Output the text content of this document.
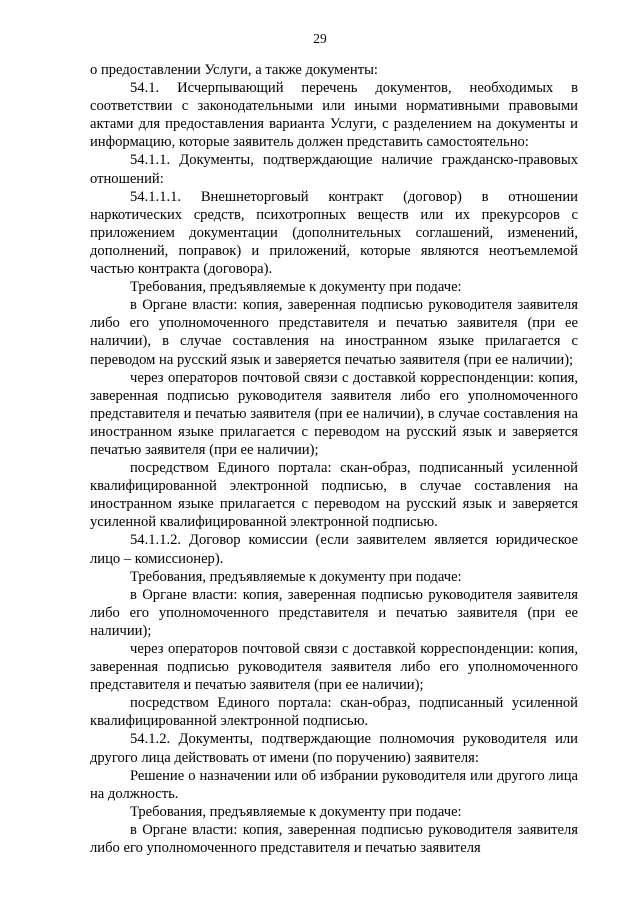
29

о предоставлении Услуги, а также документы:

54.1. Исчерпывающий перечень документов, необходимых в соответствии с законодательными или иными нормативными правовыми актами для предоставления варианта Услуги, с разделением на документы и информацию, которые заявитель должен представить самостоятельно:

54.1.1. Документы, подтверждающие наличие гражданско-правовых отношений:

54.1.1.1. Внешнеторговый контракт (договор) в отношении наркотических средств, психотропных веществ или их прекурсоров с приложением документации (дополнительных соглашений, изменений, дополнений, поправок) и приложений, которые являются неотъемлемой частью контракта (договора).

Требования, предъявляемые к документу при подаче:

в Органе власти: копия, заверенная подписью руководителя заявителя либо его уполномоченного представителя и печатью заявителя (при ее наличии), в случае составления на иностранном языке прилагается с переводом на русский язык и заверяется печатью заявителя (при ее наличии);

через операторов почтовой связи с доставкой корреспонденции: копия, заверенная подписью руководителя заявителя либо его уполномоченного представителя и печатью заявителя (при ее наличии), в случае составления на иностранном языке прилагается с переводом на русский язык и заверяется печатью заявителя (при ее наличии);

посредством Единого портала: скан-образ, подписанный усиленной квалифицированной электронной подписью, в случае составления на иностранном языке прилагается с переводом на русский язык и заверяется усиленной квалифицированной электронной подписью.

54.1.1.2. Договор комиссии (если заявителем является юридическое лицо – комиссионер).

Требования, предъявляемые к документу при подаче:

в Органе власти: копия, заверенная подписью руководителя заявителя либо его уполномоченного представителя и печатью заявителя (при ее наличии);

через операторов почтовой связи с доставкой корреспонденции: копия, заверенная подписью руководителя заявителя либо его уполномоченного представителя и печатью заявителя (при ее наличии);

посредством Единого портала: скан-образ, подписанный усиленной квалифицированной электронной подписью.

54.1.2. Документы, подтверждающие полномочия руководителя или другого лица действовать от имени (по поручению) заявителя:

Решение о назначении или об избрании руководителя или другого лица на должность.

Требования, предъявляемые к документу при подаче:

в Органе власти: копия, заверенная подписью руководителя заявителя либо его уполномоченного представителя и печатью заявителя
